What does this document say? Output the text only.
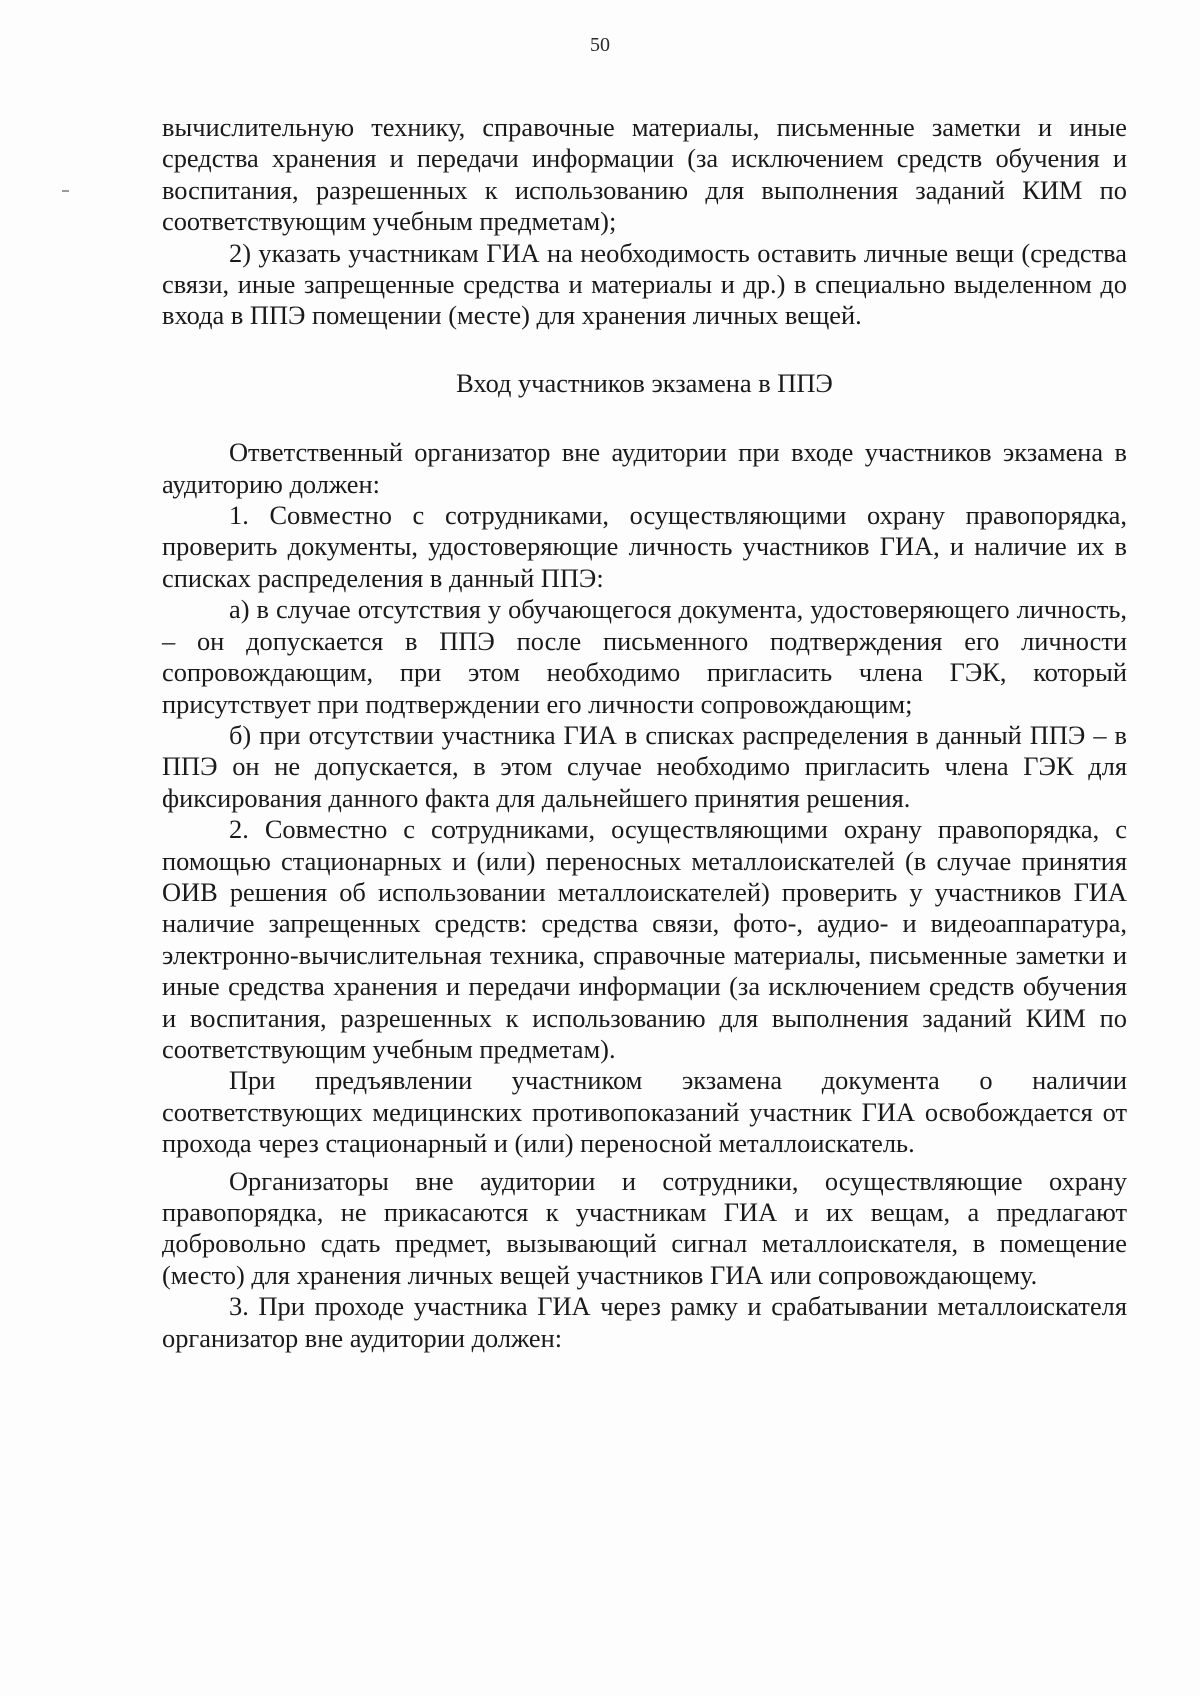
50

вычислительную технику, справочные материалы, письменные заметки и иные средства хранения и передачи информации (за исключением средств обучения и воспитания, разрешенных к использованию для выполнения заданий КИМ по соответствующим учебным предметам);

2) указать участникам ГИА на необходимость оставить личные вещи (средства связи, иные запрещенные средства и материалы и др.) в специально выделенном до входа в ППЭ помещении (месте) для хранения личных вещей.

Вход участников экзамена в ППЭ

Ответственный организатор вне аудитории при входе участников экзамена в аудиторию должен:

1. Совместно с сотрудниками, осуществляющими охрану правопорядка, проверить документы, удостоверяющие личность участников ГИА, и наличие их в списках распределения в данный ППЭ:

а) в случае отсутствия у обучающегося документа, удостоверяющего личность, – он допускается в ППЭ после письменного подтверждения его личности сопровождающим, при этом необходимо пригласить члена ГЭК, который присутствует при подтверждении его личности сопровождающим;

б) при отсутствии участника ГИА в списках распределения в данный ППЭ – в ППЭ он не допускается, в этом случае необходимо пригласить члена ГЭК для фиксирования данного факта для дальнейшего принятия решения.

2. Совместно с сотрудниками, осуществляющими охрану правопорядка, с помощью стационарных и (или) переносных металлоискателей (в случае принятия ОИВ решения об использовании металлоискателей) проверить у участников ГИА наличие запрещенных средств: средства связи, фото-, аудио- и видеоаппаратура, электронно-вычислительная техника, справочные материалы, письменные заметки и иные средства хранения и передачи информации (за исключением средств обучения и воспитания, разрешенных к использованию для выполнения заданий КИМ по соответствующим учебным предметам).

При предъявлении участником экзамена документа о наличии соответствующих медицинских противопоказаний участник ГИА освобождается от прохода через стационарный и (или) переносной металлоискатель.

Организаторы вне аудитории и сотрудники, осуществляющие охрану правопорядка, не прикасаются к участникам ГИА и их вещам, а предлагают добровольно сдать предмет, вызывающий сигнал металлоискателя, в помещение (место) для хранения личных вещей участников ГИА или сопровождающему.

3. При проходе участника ГИА через рамку и срабатывании металлоискателя организатор вне аудитории должен:
